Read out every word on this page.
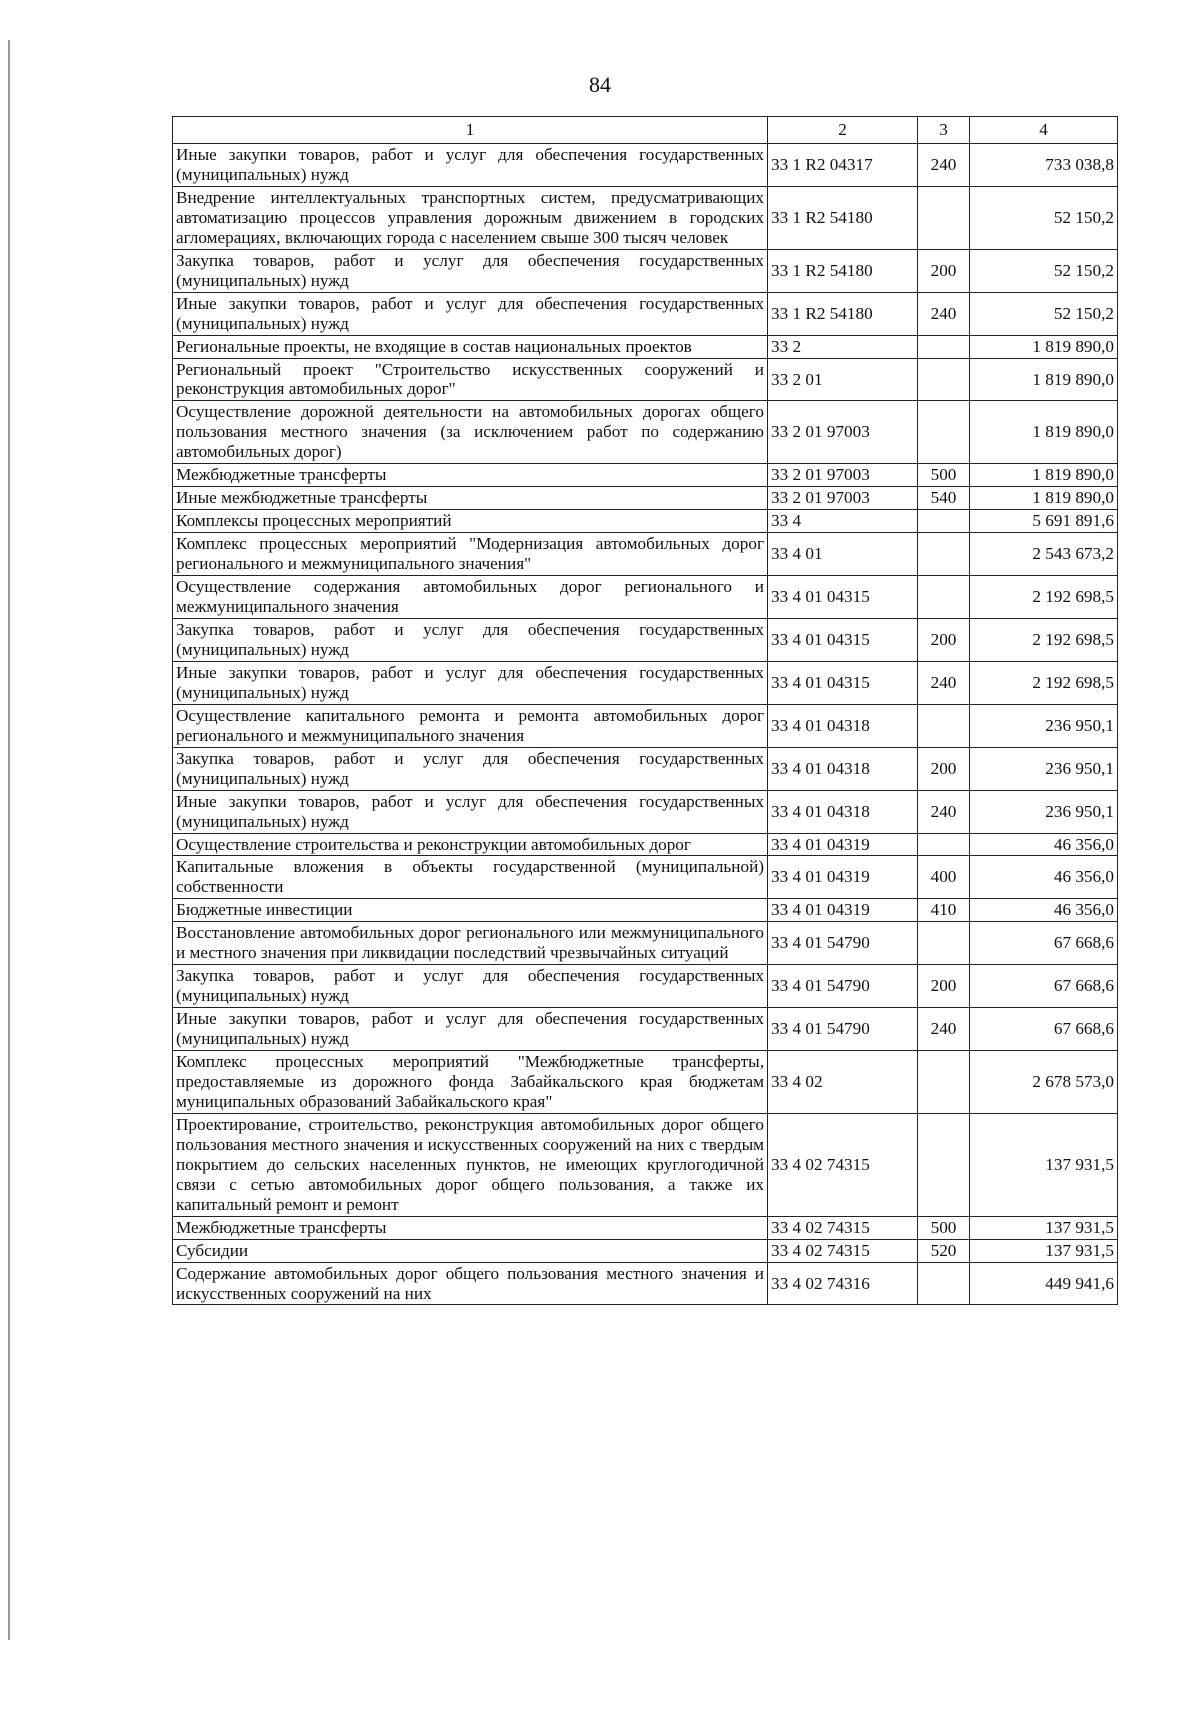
84
1	2	3	4
Иные закупки товаров, работ и услуг для обеспечения государственных (муниципальных) нужд	33 1 R2 04317	240	733 038,8
Внедрение интеллектуальных транспортных систем, предусматривающих автоматизацию процессов управления дорожным движением в городских агломерациях, включающих города с населением свыше 300 тысяч человек	33 1 R2 54180		52 150,2
Закупка товаров, работ и услуг для обеспечения государственных (муниципальных) нужд	33 1 R2 54180	200	52 150,2
Иные закупки товаров, работ и услуг для обеспечения государственных (муниципальных) нужд	33 1 R2 54180	240	52 150,2
Региональные проекты, не входящие в состав национальных проектов	33 2		1 819 890,0
Региональный проект "Строительство искусственных сооружений и реконструкция автомобильных дорог"	33 2 01		1 819 890,0
Осуществление дорожной деятельности на автомобильных дорогах общего пользования местного значения (за исключением работ по содержанию автомобильных дорог)	33 2 01 97003		1 819 890,0
Межбюджетные трансферты	33 2 01 97003	500	1 819 890,0
Иные межбюджетные трансферты	33 2 01 97003	540	1 819 890,0
Комплексы процессных мероприятий	33 4		5 691 891,6
Комплекс процессных мероприятий "Модернизация автомобильных дорог регионального и межмуниципального значения"	33 4 01		2 543 673,2
Осуществление содержания автомобильных дорог регионального и межмуниципального значения	33 4 01 04315		2 192 698,5
Закупка товаров, работ и услуг для обеспечения государственных (муниципальных) нужд	33 4 01 04315	200	2 192 698,5
Иные закупки товаров, работ и услуг для обеспечения государственных (муниципальных) нужд	33 4 01 04315	240	2 192 698,5
Осуществление капитального ремонта и ремонта автомобильных дорог регионального и межмуниципального значения	33 4 01 04318		236 950,1
Закупка товаров, работ и услуг для обеспечения государственных (муниципальных) нужд	33 4 01 04318	200	236 950,1
Иные закупки товаров, работ и услуг для обеспечения государственных (муниципальных) нужд	33 4 01 04318	240	236 950,1
Осуществление строительства и реконструкции автомобильных дорог	33 4 01 04319		46 356,0
Капитальные вложения в объекты государственной (муниципальной) собственности	33 4 01 04319	400	46 356,0
Бюджетные инвестиции	33 4 01 04319	410	46 356,0
Восстановление автомобильных дорог регионального или межмуниципального и местного значения при ликвидации последствий чрезвычайных ситуаций	33 4 01 54790		67 668,6
Закупка товаров, работ и услуг для обеспечения государственных (муниципальных) нужд	33 4 01 54790	200	67 668,6
Иные закупки товаров, работ и услуг для обеспечения государственных (муниципальных) нужд	33 4 01 54790	240	67 668,6
Комплекс процессных мероприятий "Межбюджетные трансферты, предоставляемые из дорожного фонда Забайкальского края бюджетам муниципальных образований Забайкальского края"	33 4 02		2 678 573,0
Проектирование, строительство, реконструкция автомобильных дорог общего пользования местного значения и искусственных сооружений на них с твердым покрытием до сельских населенных пунктов, не имеющих круглогодичной связи с сетью автомобильных дорог общего пользования, а также их капитальный ремонт и ремонт	33 4 02 74315		137 931,5
Межбюджетные трансферты	33 4 02 74315	500	137 931,5
Субсидии	33 4 02 74315	520	137 931,5
Содержание автомобильных дорог общего пользования местного значения и искусственных сооружений на них	33 4 02 74316		449 941,6
